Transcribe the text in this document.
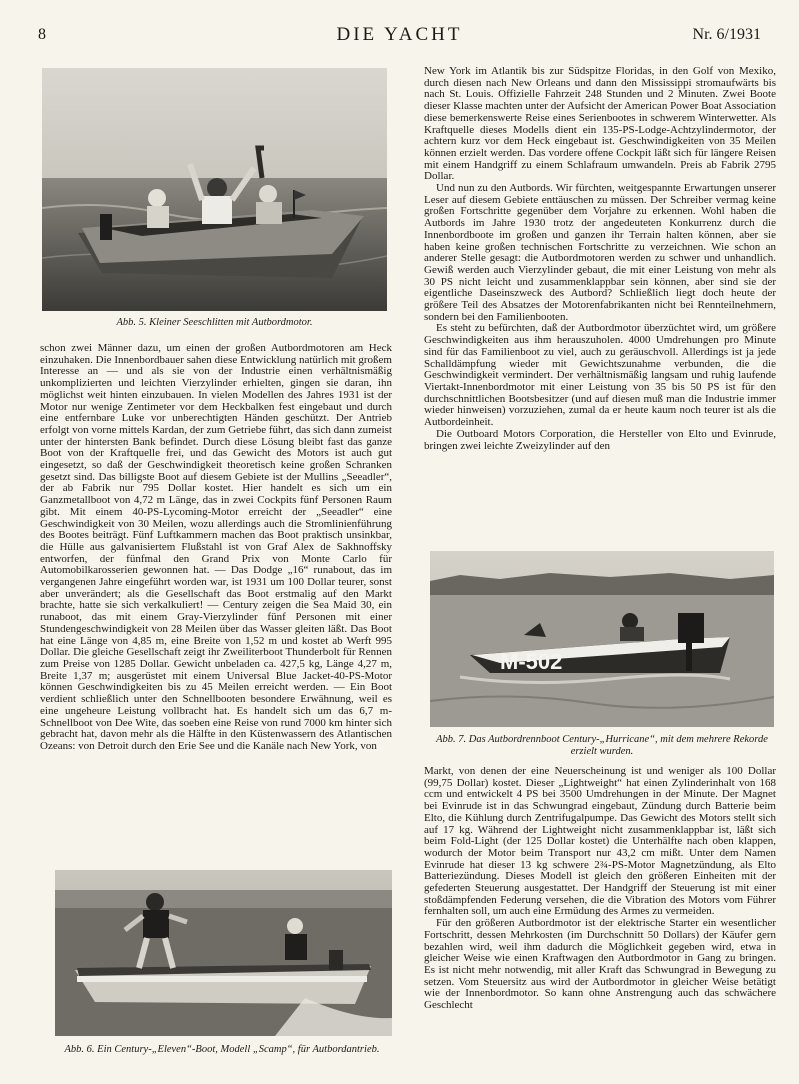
8	DIE YACHT	Nr. 6/1931
Abb. 5. Kleiner Seeschlitten mit Autbordmotor.

schon zwei Männer dazu, um einen der großen Autbordmotoren am Heck einzuhaken. Die Innenbordbauer sahen diese Entwicklung natürlich mit großem Interesse an — und als sie von der Industrie einen verhältnismäßig unkomplizierten und leichten Vierzylinder erhielten, gingen sie daran, ihn möglichst weit hinten einzubauen. In vielen Modellen des Jahres 1931 ist der Motor nur wenige Zentimeter vor dem Heckbalken fest eingebaut und durch eine entfernbare Luke vor unberechtigten Händen geschützt. Der Antrieb erfolgt von vorne mittels Kardan, der zum Getriebe führt, das sich dann zumeist unter der hintersten Bank befindet. Durch diese Lösung bleibt fast das ganze Boot von der Kraftquelle frei, und das Gewicht des Motors ist auch gut eingesetzt, so daß der Geschwindigkeit theoretisch keine großen Schranken gesetzt sind. Das billigste Boot auf diesem Gebiete ist der Mullins „Seeadler“, der ab Fabrik nur 795 Dollar kostet. Hier handelt es sich um ein Ganzmetallboot von 4,72 m Länge, das in zwei Cockpits fünf Personen Raum gibt. Mit einem 40-PS-Lycoming-Motor erreicht der „Seeadler“ eine Geschwindigkeit von 30 Meilen, wozu allerdings auch die Stromlinienführung des Bootes beiträgt. Fünf Luftkammern machen das Boot praktisch unsinkbar, die Hülle aus galvanisiertem Flußstahl ist von Graf Alex de Sakhnoffsky entworfen, der fünfmal den Grand Prix von Monte Carlo für Automobilkarosserien gewonnen hat. — Das Dodge „16“ runabout, das im vergangenen Jahre eingeführt worden war, ist 1931 um 100 Dollar teurer, sonst aber unverändert; als die Gesellschaft das Boot erstmalig auf den Markt brachte, hatte sie sich verkalkuliert! — Century zeigen die Sea Maid 30, ein runaboot, das mit einem Gray-Vierzylinder fünf Personen mit einer Stundengeschwindigkeit von 28 Meilen über das Wasser gleiten läßt. Das Boot hat eine Länge von 4,85 m, eine Breite von 1,52 m und kostet ab Werft 995 Dollar. Die gleiche Gesellschaft zeigt ihr Zweiliterboot Thunderbolt für Rennen zum Preise von 1285 Dollar. Gewicht unbeladen ca. 427,5 kg, Länge 4,27 m, Breite 1,37 m; ausgerüstet mit einem Universal Blue Jacket-40-PS-Motor können Geschwindigkeiten bis zu 45 Meilen erreicht werden. — Ein Boot verdient schließlich unter den Schnellbooten besondere Erwähnung, weil es eine ungeheure Leistung vollbracht hat. Es handelt sich um das 6,7 m-Schnellboot von Dee Wite, das soeben eine Reise von rund 7000 km hinter sich gebracht hat, davon mehr als die Hälfte in den Küstenwassern des Atlantischen Ozeans: von Detroit durch den Erie See und die Kanäle nach New York, von

Abb. 6. Ein Century-„Eleven“-Boot, Modell „Scamp“, für Autbordantrieb.

New York im Atlantik bis zur Südspitze Floridas, in den Golf von Mexiko, durch diesen nach New Orleans und dann den Mississippi stromaufwärts bis nach St. Louis. Offizielle Fahrzeit 248 Stunden und 2 Minuten. Zwei Boote dieser Klasse machten unter der Aufsicht der American Power Boat Association diese bemerkenswerte Reise eines Serienbootes in schwerem Winterwetter. Als Kraftquelle dieses Modells dient ein 135-PS-Lodge-Achtzylindermotor, der achtern kurz vor dem Heck eingebaut ist. Geschwindigkeiten von 35 Meilen können erzielt werden. Das vordere offene Cockpit läßt sich für längere Reisen mit einem Handgriff zu einem Schlafraum umwandeln. Preis ab Fabrik 2795 Dollar.

Und nun zu den Autbords. Wir fürchten, weitgespannte Erwartungen unserer Leser auf diesem Gebiete enttäuschen zu müssen. Der Schreiber vermag keine großen Fortschritte gegenüber dem Vorjahre zu erkennen. Wohl haben die Autbords im Jahre 1930 trotz der angedeuteten Konkurrenz durch die Innenbordboote im großen und ganzen ihr Terrain halten können, aber sie haben keine großen technischen Fortschritte zu verzeichnen. Wie schon an anderer Stelle gesagt: die Autbordmotoren werden zu schwer und unhandlich. Gewiß werden auch Vierzylinder gebaut, die mit einer Leistung von mehr als 30 PS nicht leicht und zusammenklappbar sein können, aber sind sie der eigentliche Daseinszweck des Autbord? Schließlich liegt doch heute der größere Teil des Absatzes der Motorenfabrikanten nicht bei Rennteilnehmern, sondern bei den Familienbooten.

Es steht zu befürchten, daß der Autbordmotor überzüchtet wird, um größere Geschwindigkeiten aus ihm herauszuholen. 4000 Umdrehungen pro Minute sind für das Familienboot zu viel, auch zu geräuschvoll. Allerdings ist ja jede Schalldämpfung wieder mit Gewichtszunahme verbunden, die die Geschwindigkeit vermindert. Der verhältnismäßig langsam und ruhig laufende Viertakt-Innenbordmotor mit einer Leistung von 35 bis 50 PS ist für den durchschnittlichen Bootsbesitzer (und auf diesen muß man die Industrie immer wieder hinweisen) vorzuziehen, zumal da er heute kaum noch teurer ist als die Autbordeinheit.

Die Outboard Motors Corporation, die Hersteller von Elto und Evinrude, bringen zwei leichte Zweizylinder auf den

M-502
Abb. 7. Das Autbordrennboot Century-„Hurricane“, mit dem mehrere Rekorde erzielt wurden.

Markt, von denen der eine Neuerscheinung ist und weniger als 100 Dollar (99,75 Dollar) kostet. Dieser „Lightweight“ hat einen Zylinderinhalt von 168 ccm und entwickelt 4 PS bei 3500 Umdrehungen in der Minute. Der Magnet bei Evinrude ist in das Schwungrad eingebaut, Zündung durch Batterie beim Elto, die Kühlung durch Zentrifugalpumpe. Das Gewicht des Motors stellt sich auf 17 kg. Während der Lightweight nicht zusammenklappbar ist, läßt sich beim Fold-Light (der 125 Dollar kostet) die Unterhälfte nach oben klappen, wodurch der Motor beim Transport nur 43,2 cm mißt. Unter dem Namen Evinrude hat dieser 13 kg schwere 2¾-PS-Motor Magnetzündung, als Elto Batteriezündung. Dieses Modell ist gleich den größeren Einheiten mit der gefederten Steuerung ausgestattet. Der Handgriff der Steuerung ist mit einer stoßdämpfenden Federung versehen, die die Vibration des Motors vom Führer fernhalten soll, um auch eine Ermüdung des Armes zu vermeiden.

Für den größeren Autbordmotor ist der elektrische Starter ein wesentlicher Fortschritt, dessen Mehrkosten (im Durchschnitt 50 Dollars) der Käufer gern bezahlen wird, weil ihm dadurch die Möglichkeit gegeben wird, etwa in gleicher Weise wie einen Kraftwagen den Autbordmotor in Gang zu bringen. Es ist nicht mehr notwendig, mit aller Kraft das Schwungrad in Bewegung zu setzen. Vom Steuersitz aus wird der Autbordmotor in gleicher Weise betätigt wie der Innenbordmotor. So kann ohne Anstrengung auch das schwächere Geschlecht
